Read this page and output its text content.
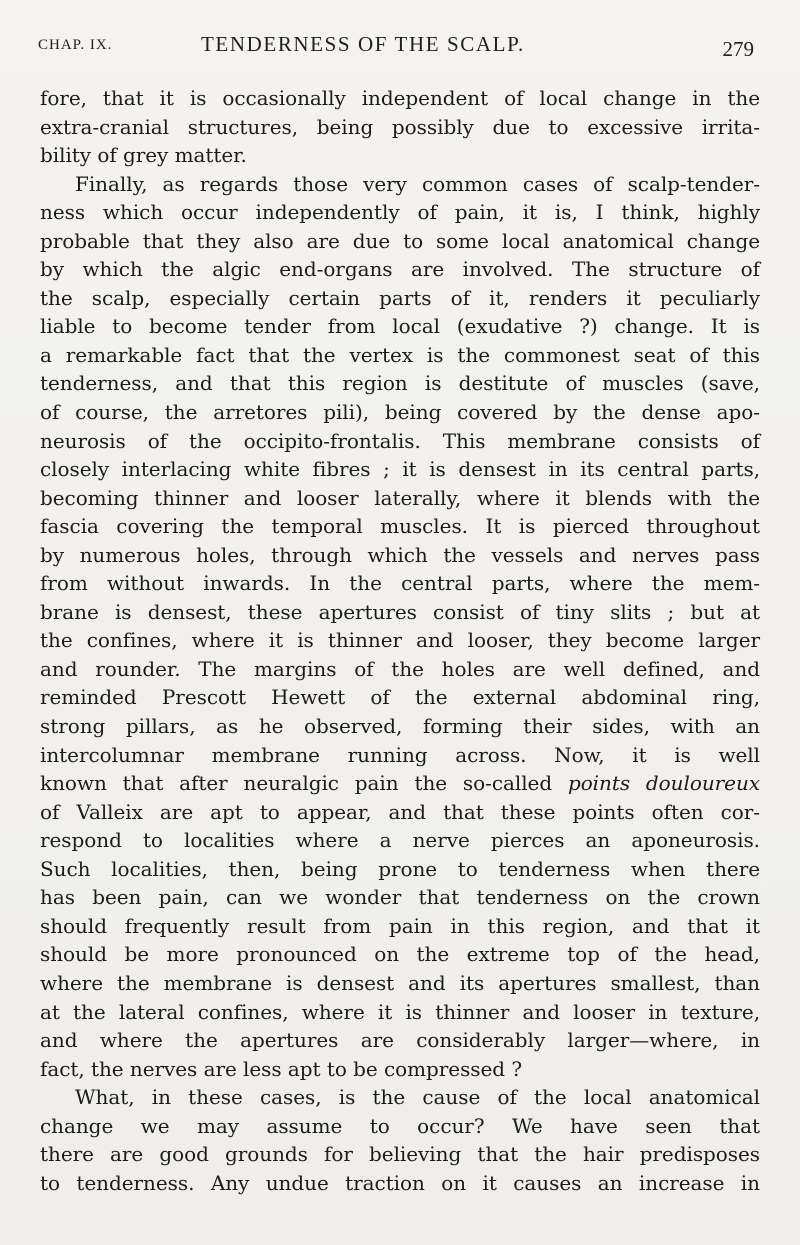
CHAP. IX.	TENDERNESS OF THE SCALP.	279
fore, that it is occasionally independent of local change in the
extra-cranial structures, being possibly due to excessive irrita-
bility of grey matter.
Finally, as regards those very common cases of scalp-tender-
ness which occur independently of pain, it is, I think, highly
probable that they also are due to some local anatomical change
by which the algic end-organs are involved. The structure of
the scalp, especially certain parts of it, renders it peculiarly
liable to become tender from local (exudative ?) change. It is
a remarkable fact that the vertex is the commonest seat of this
tenderness, and that this region is destitute of muscles (save,
of course, the arretores pili), being covered by the dense apo-
neurosis of the occipito-frontalis. This membrane consists of
closely interlacing white fibres ; it is densest in its central parts,
becoming thinner and looser laterally, where it blends with the
fascia covering the temporal muscles. It is pierced throughout
by numerous holes, through which the vessels and nerves pass
from without inwards. In the central parts, where the mem-
brane is densest, these apertures consist of tiny slits ; but at
the confines, where it is thinner and looser, they become larger
and rounder. The margins of the holes are well defined, and
reminded Prescott Hewett of the external abdominal ring,
strong pillars, as he observed, forming their sides, with an
intercolumnar membrane running across. Now, it is well
known that after neuralgic pain the so-called points douloureux
of Valleix are apt to appear, and that these points often cor-
respond to localities where a nerve pierces an aponeurosis.
Such localities, then, being prone to tenderness when there
has been pain, can we wonder that tenderness on the crown
should frequently result from pain in this region, and that it
should be more pronounced on the extreme top of the head,
where the membrane is densest and its apertures smallest, than
at the lateral confines, where it is thinner and looser in texture,
and where the apertures are considerably larger—where, in
fact, the nerves are less apt to be compressed ?
What, in these cases, is the cause of the local anatomical
change we may assume to occur? We have seen that
there are good grounds for believing that the hair predisposes
to tenderness. Any undue traction on it causes an increase in
